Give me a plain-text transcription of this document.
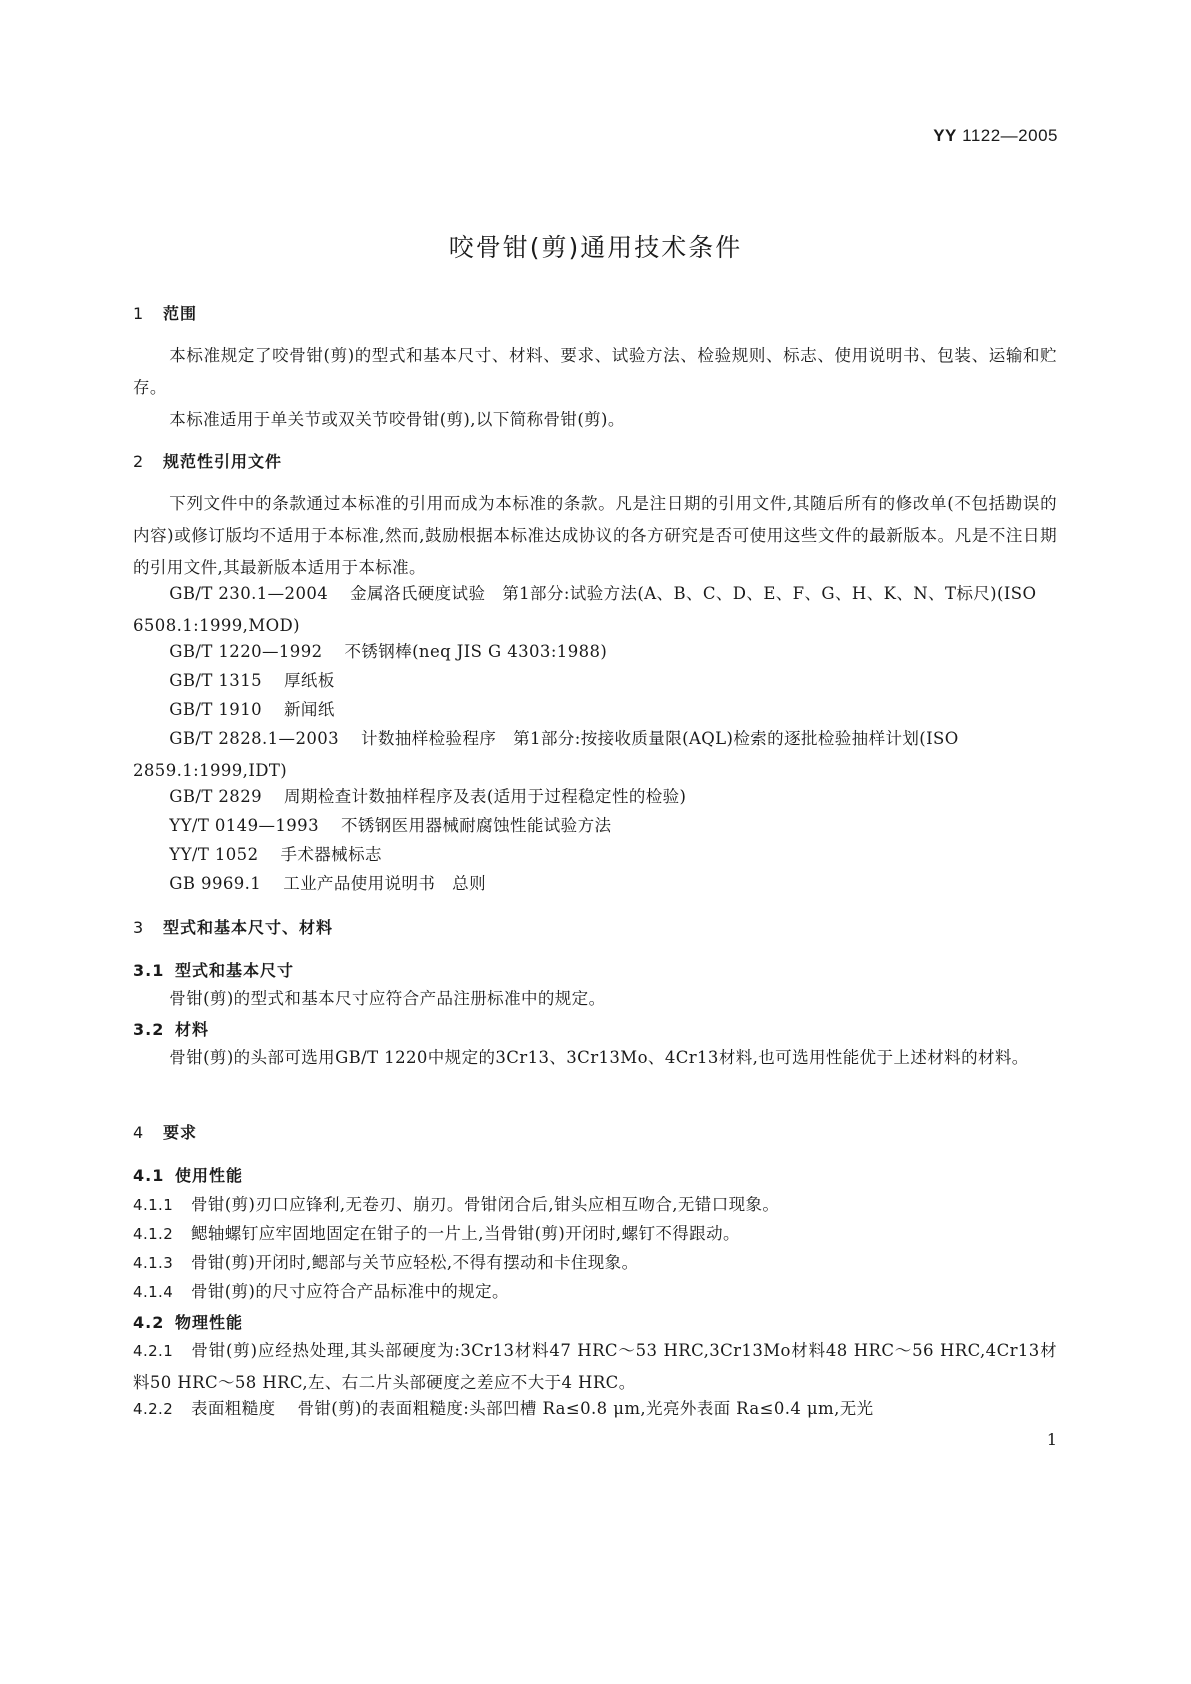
YY 1122—2005
咬骨钳(剪)通用技术条件
1 范围

本标准规定了咬骨钳(剪)的型式和基本尺寸、材料、要求、试验方法、检验规则、标志、使用说明书、包装、运输和贮存。

本标准适用于单关节或双关节咬骨钳(剪),以下简称骨钳(剪)。

2 规范性引用文件

下列文件中的条款通过本标准的引用而成为本标准的条款。凡是注日期的引用文件,其随后所有的修改单(不包括勘误的内容)或修订版均不适用于本标准,然而,鼓励根据本标准达成协议的各方研究是否可使用这些文件的最新版本。凡是不注日期的引用文件,其最新版本适用于本标准。

GB/T 230.1—2004 金属洛氏硬度试验　第1部分:试验方法(A、B、C、D、E、F、G、H、K、N、T标尺)(ISO 6508.1:1999,MOD)

GB/T 1220—1992 不锈钢棒(neq JIS G 4303:1988)

GB/T 1315 厚纸板

GB/T 1910 新闻纸

GB/T 2828.1—2003 计数抽样检验程序　第1部分:按接收质量限(AQL)检索的逐批检验抽样计划(ISO 2859.1:1999,IDT)

GB/T 2829 周期检查计数抽样程序及表(适用于过程稳定性的检验)

YY/T 0149—1993 不锈钢医用器械耐腐蚀性能试验方法

YY/T 1052 手术器械标志

GB 9969.1 工业产品使用说明书　总则

3 型式和基本尺寸、材料
3.1 型式和基本尺寸

骨钳(剪)的型式和基本尺寸应符合产品注册标准中的规定。

3.2 材料

骨钳(剪)的头部可选用GB/T 1220中规定的3Cr13、3Cr13Mo、4Cr13材料,也可选用性能优于上述材料的材料。

4 要求
4.1 使用性能

4.1.1 骨钳(剪)刃口应锋利,无卷刃、崩刃。骨钳闭合后,钳头应相互吻合,无错口现象。

4.1.2 鳃轴螺钉应牢固地固定在钳子的一片上,当骨钳(剪)开闭时,螺钉不得跟动。

4.1.3 骨钳(剪)开闭时,鳃部与关节应轻松,不得有摆动和卡住现象。

4.1.4 骨钳(剪)的尺寸应符合产品标准中的规定。

4.2 物理性能

4.2.1 骨钳(剪)应经热处理,其头部硬度为:3Cr13材料47 HRC～53 HRC,3Cr13Mo材料48 HRC～56 HRC,4Cr13材料50 HRC～58 HRC,左、右二片头部硬度之差应不大于4 HRC。

4.2.2 表面粗糙度 骨钳(剪)的表面粗糙度:头部凹槽 Ra≤0.8 μm,光亮外表面 Ra≤0.4 μm,无光

1
